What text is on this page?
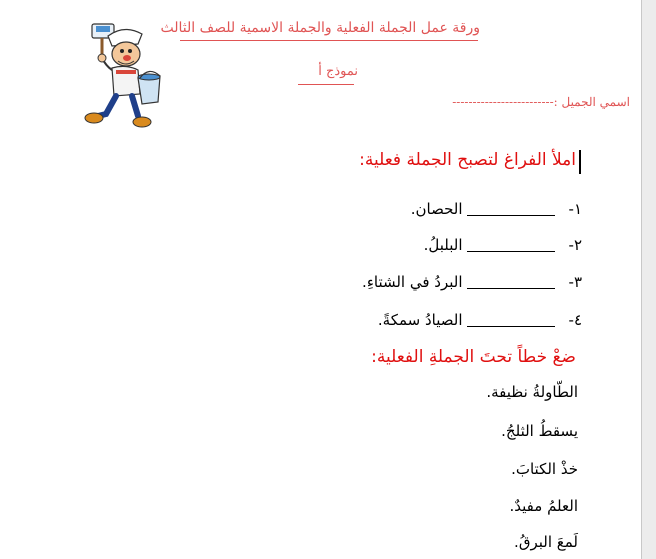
ورقة عمل الجملة الفعلية والجملة الاسمية للصف الثالث
نموذج أ
اسمي الجميل :-------------------------
املأ الفراغ لتصبح الجملة فعلية:
١-الحصان.
٢-البلبلُ.
٣-البردُ في الشتاءِ.
٤-الصيادُ سمكةً.
ضعْ خطاً تحتَ الجملةِ الفعلية:
الطّاولةُ نظيفة.
يسقطُ الثلجُ.
خذْ الكتابَ.
العلمُ مفيدٌ.
لَمعَ البرقُ.
